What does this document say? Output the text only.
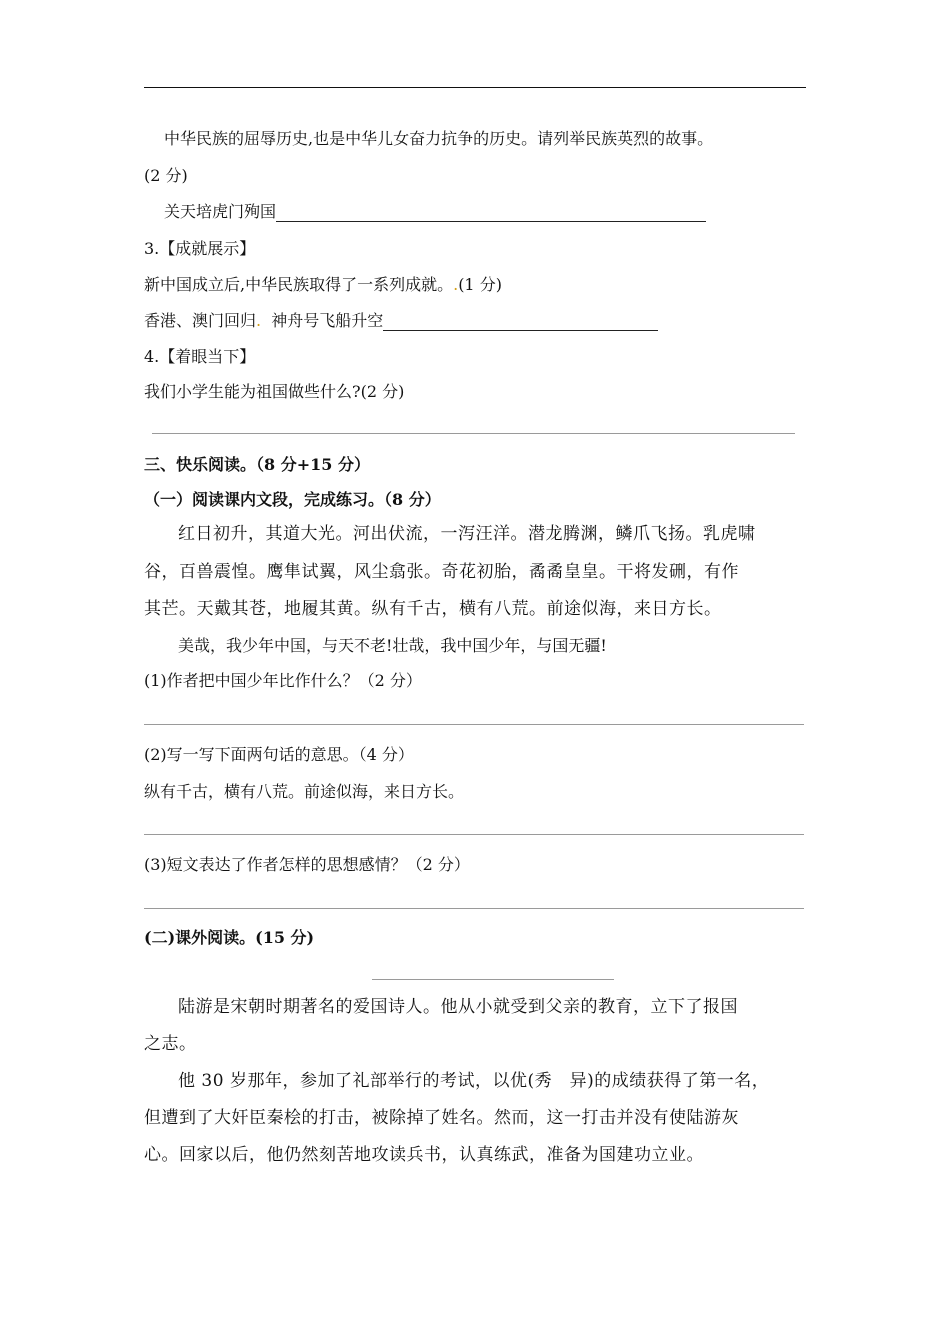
中华民族的屈辱历史,也是中华儿女奋力抗争的历史。请列举民族英烈的故事。
(2 分)
关天培虎门殉国
3.【成就展示】
新中国成立后,中华民族取得了一系列成就。.(1 分)
香港、澳门回归. 神舟号飞船升空
4.【着眼当下】
我们小学生能为祖国做些什么?(2 分)
三、快乐阅读。（8 分+15 分）
（一）阅读课内文段，完成练习。（8 分）
红日初升，其道大光。河出伏流，一泻汪洋。潜龙腾渊，鳞爪飞扬。乳虎啸
谷，百兽震惶。鹰隼试翼，风尘翕张。奇花初胎，矞矞皇皇。干将发硎，有作
其芒。天戴其苍，地履其黄。纵有千古，横有八荒。前途似海，来日方长。
美哉，我少年中国，与天不老!壮哉，我中国少年，与国无疆!
(1)作者把中国少年比作什么？（2 分）
(2)写一写下面两句话的意思。（4 分）
纵有千古，横有八荒。前途似海，来日方长。
(3)短文表达了作者怎样的思想感情？（2 分）
(二)课外阅读。(15 分)
陆游是宋朝时期著名的爱国诗人。他从小就受到父亲的教育，立下了报国
之志。
他 30 岁那年，参加了礼部举行的考试，以优(秀　异)的成绩获得了第一名，
但遭到了大奸臣秦桧的打击，被除掉了姓名。然而，这一打击并没有使陆游灰
心。回家以后，他仍然刻苦地攻读兵书，认真练武，准备为国建功立业。
